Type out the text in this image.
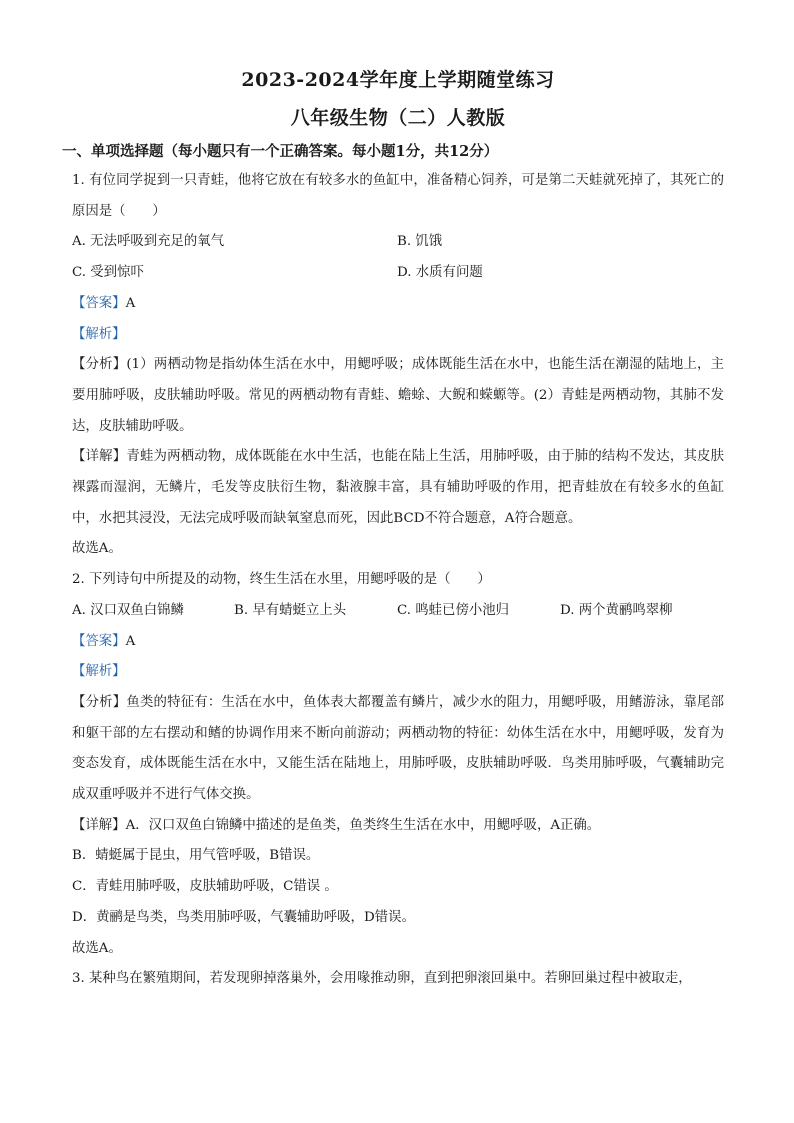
2023-2024学年度上学期随堂练习
八年级生物（二）人教版
一、单项选择题（每小题只有一个正确答案。每小题1分，共12分）
1. 有位同学捉到一只青蛙，他将它放在有较多水的鱼缸中，准备精心饲养，可是第二天蛙就死掉了，其死亡的原因是（　　）
A. 无法呼吸到充足的氧气	B. 饥饿
C. 受到惊吓	D. 水质有问题
【答案】A
【解析】
【分析】(1）两栖动物是指幼体生活在水中，用鳃呼吸；成体既能生活在水中，也能生活在潮湿的陆地上，主要用肺呼吸，皮肤辅助呼吸。常见的两栖动物有青蛙、蟾蜍、大鲵和蝾螈等。(2）青蛙是两栖动物，其肺不发达，皮肤辅助呼吸。
【详解】青蛙为两栖动物，成体既能在水中生活，也能在陆上生活，用肺呼吸，由于肺的结构不发达，其皮肤裸露而湿润，无鳞片，毛发等皮肤衍生物，黏液腺丰富，具有辅助呼吸的作用，把青蛙放在有较多水的鱼缸中，水把其浸没，无法完成呼吸而缺氧窒息而死，因此BCD不符合题意，A符合题意。
故选A。
2. 下列诗句中所提及的动物，终生生活在水里，用鳃呼吸的是（　　）
A. 汉口双鱼白锦鳞	B. 早有蜻蜓立上头	C. 鸣蛙已傍小池归	D. 两个黄鹂鸣翠柳
【答案】A
【解析】
【分析】鱼类的特征有：生活在水中，鱼体表大都覆盖有鳞片，减少水的阻力，用鳃呼吸，用鳍游泳，靠尾部和躯干部的左右摆动和鳍的协调作用来不断向前游动；两栖动物的特征：幼体生活在水中，用鳃呼吸，发育为变态发育，成体既能生活在水中，又能生活在陆地上，用肺呼吸，皮肤辅助呼吸．鸟类用肺呼吸，气囊辅助完成双重呼吸并不进行气体交换。
【详解】A．汉口双鱼白锦鳞中描述的是鱼类，鱼类终生生活在水中，用鳃呼吸，A正确。
B．蜻蜓属于昆虫，用气管呼吸，B错误。
C．青蛙用肺呼吸，皮肤辅助呼吸，C错误 。
D．黄鹂是鸟类，鸟类用肺呼吸，气囊辅助呼吸，D错误。
故选A。
3. 某种鸟在繁殖期间，若发现卵掉落巢外，会用喙推动卵，直到把卵滚回巢中。若卵回巢过程中被取走，
